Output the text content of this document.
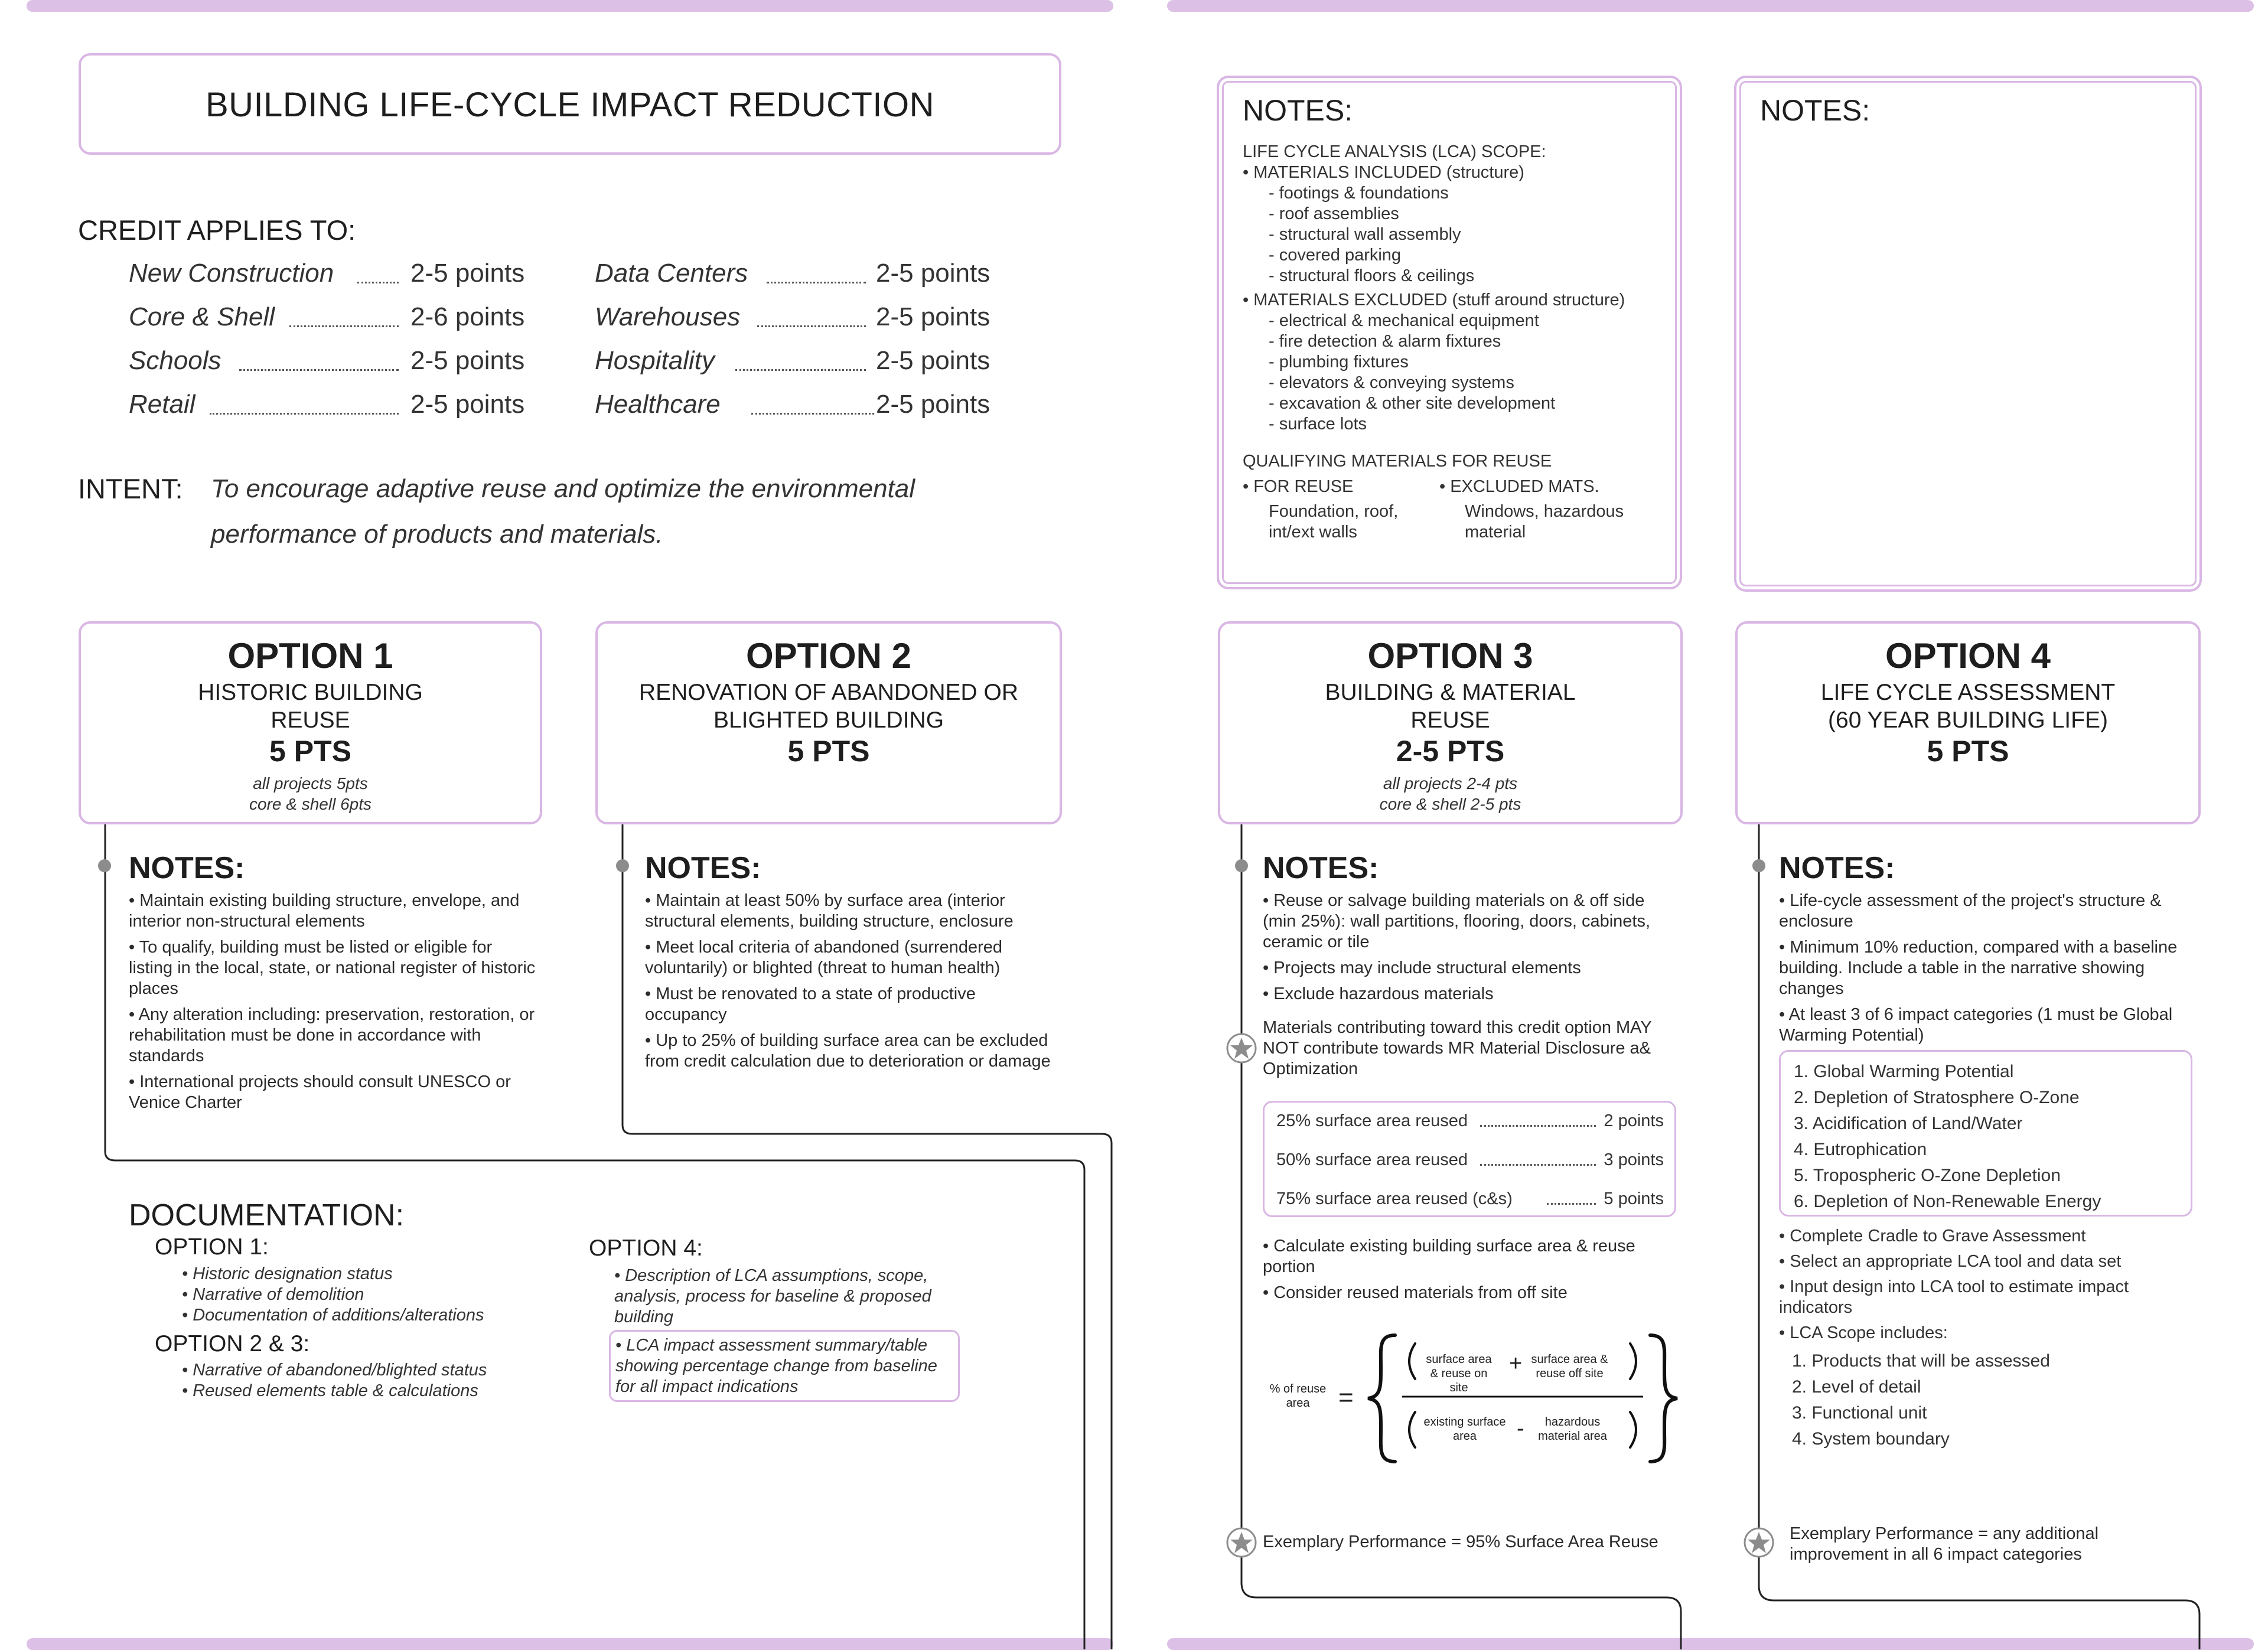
BUILDING LIFE-CYCLE IMPACT REDUCTION
CREDIT APPLIES TO:
New Construction	2-5 points
Core & Shell	2-6 points
Schools	2-5 points
Retail	2-5 points
Data Centers	2-5 points
Warehouses	2-5 points
Hospitality	2-5 points
Healthcare	2-5 points
INTENT: To encourage adaptive reuse and optimize the environmental
performance of products and materials.
OPTION 1
HISTORIC BUILDING
REUSE
5 PTS
all projects 5pts
core & shell 6pts
OPTION 2
RENOVATION OF ABANDONED OR
BLIGHTED BUILDING
5 PTS
OPTION 3
BUILDING & MATERIAL
REUSE
2-5 PTS
all projects 2-4 pts
core & shell 2-5 pts
OPTION 4
LIFE CYCLE ASSESSMENT
(60 YEAR BUILDING LIFE)
5 PTS
NOTES:
• Maintain existing building structure, envelope, and interior non-structural elements
• To qualify, building must be listed or eligible for listing in the local, state, or national register of historic places
• Any alteration including: preservation, restoration, or rehabilitation must be done in accordance with standards
• International projects should consult UNESCO or Venice Charter
NOTES:
• Maintain at least 50% by surface area (interior structural elements, building structure, enclosure
• Meet local criteria of abandoned (surrendered voluntarily) or blighted (threat to human health)
• Must be renovated to a state of productive occupancy
• Up to 25% of building surface area can be excluded from credit calculation due to deterioration or damage
NOTES:
• Reuse or salvage building materials on & off side (min 25%): wall partitions, flooring, doors, cabinets, ceramic or tile
• Projects may include structural elements
• Exclude hazardous materials
Materials contributing toward this credit option MAY NOT contribute towards MR Material Disclosure a& Optimization
25% surface area reused	2 points
50% surface area reused	3 points
75% surface area reused (c&s)	5 points
• Calculate existing building surface area & reuse portion
• Consider reused materials from off site
% of reuse area	=
surface area & reuse on site
+ surface area & reuse off site
existing surface area	-	hazardous material area
Exemplary Performance = 95% Surface Area Reuse
NOTES:
• Life-cycle assessment of the project's structure & enclosure
• Minimum 10% reduction, compared with a baseline building. Include a table in the narrative showing changes
• At least 3 of 6 impact categories (1 must be Global Warming Potential)
1. Global Warming Potential
2. Depletion of Stratosphere O-Zone
3. Acidification of Land/Water
4. Eutrophication
5. Tropospheric O-Zone Depletion
6. Depletion of Non-Renewable Energy
• Complete Cradle to Grave Assessment
• Select an appropriate LCA tool and data set
• Input design into LCA tool to estimate impact indicators
• LCA Scope includes:
1. Products that will be assessed
2. Level of detail
3. Functional unit
4. System boundary
Exemplary Performance = any additional improvement in all 6 impact categories
DOCUMENTATION:
OPTION 1:
• Historic designation status
• Narrative of demolition
• Documentation of additions/alterations
OPTION 2 & 3:
• Narrative of abandoned/blighted status
• Reused elements table & calculations
OPTION 4:
• Description of LCA assumptions, scope, analysis, process for baseline & proposed building
• LCA impact assessment summary/table showing percentage change from baseline for all impact indications
NOTES:
LIFE CYCLE ANALYSIS (LCA) SCOPE:
• MATERIALS INCLUDED (structure)
- footings & foundations
- roof assemblies
- structural wall assembly
- covered parking
- structural floors & ceilings
• MATERIALS EXCLUDED (stuff around structure)
- electrical & mechanical equipment
- fire detection & alarm fixtures
- plumbing fixtures
- elevators & conveying systems
- excavation & other site development
- surface lots
QUALIFYING MATERIALS FOR REUSE
• FOR REUSE	• EXCLUDED MATS.
Foundation, roof, int/ext walls
Windows, hazardous material
NOTES:
